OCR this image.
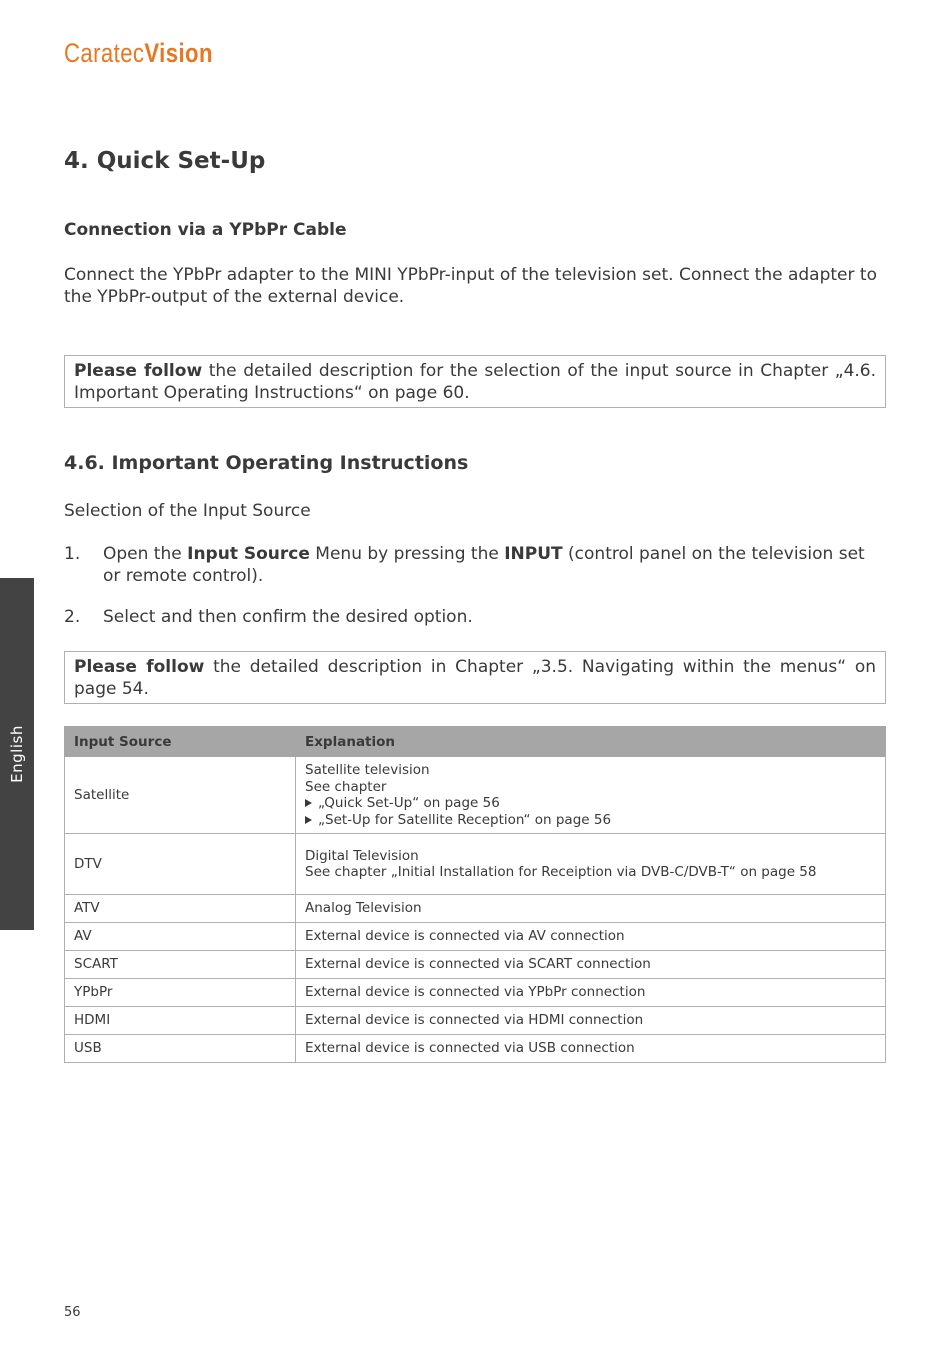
CaratecVision
4. Quick Set-Up
Connection via a YPbPr Cable
Connect the YPbPr adapter to the MINI YPbPr-input of the television set. Connect the adapter to the YPbPr-output of the external device.
Please follow the detailed description for the selection of the input source in Chapter „4.6. Important Operating Instructions“ on page 60.
4.6. Important Operating Instructions
Selection of the Input Source
1. Open the Input Source Menu by pressing the INPUT (control panel on the television set or remote control).
2. Select and then confirm the desired option.
Please follow the detailed description in Chapter „3.5. Navigating within the menus“ on page 54.
Input Source	Explanation
Satellite	Satellite television
See chapter
„Quick Set-Up“ on page 56
„Set-Up for Satellite Reception“ on page 56

DTV	Digital Television
See chapter „Initial Installation for Receiption via DVB-C/DVB-T“ on page 58

ATV	Analog Television
AV	External device is connected via AV connection
SCART	External device is connected via SCART connection
YPbPr	External device is connected via YPbPr connection
HDMI	External device is connected via HDMI connection
USB	External device is connected via USB connection
English
56
